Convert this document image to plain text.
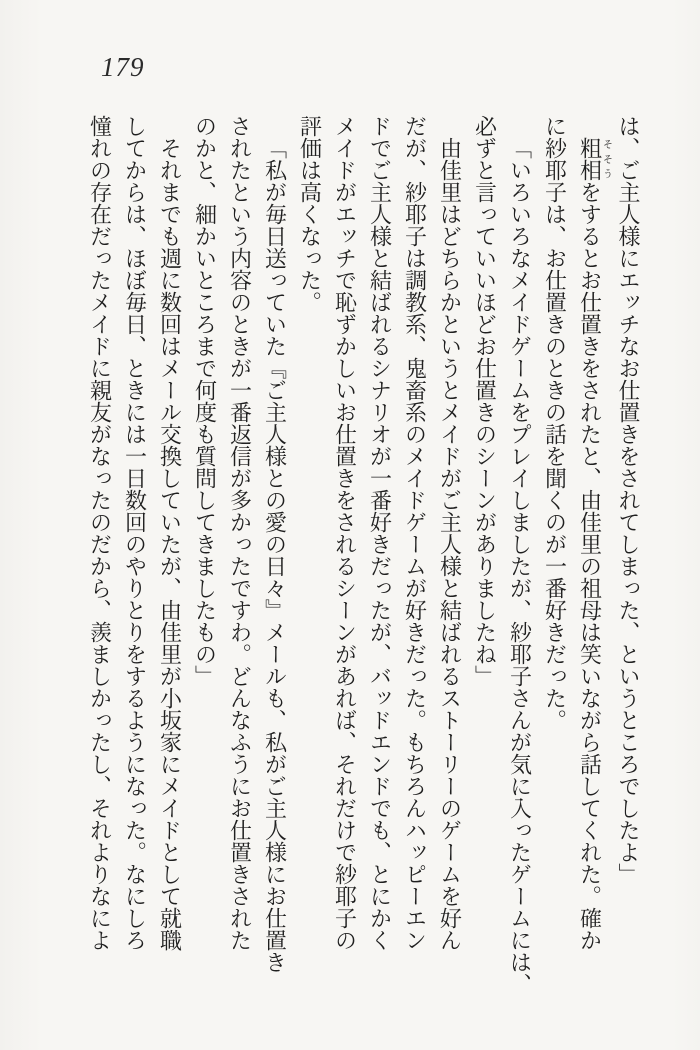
179
は、ご主人様にエッチなお仕置きをされてしまった、というところでしたよ」
粗相そそうをするとお仕置きをされたと、由佳里の祖母は笑いながら話してくれた。確か
に紗耶子は、お仕置きのときの話を聞くのが一番好きだった。
「いろいろなメイドゲームをプレイしましたが、紗耶子さんが気に入ったゲームには、
必ずと言っていいほどお仕置きのシーンがありましたね」
由佳里はどちらかというとメイドがご主人様と結ばれるストーリーのゲームを好ん
だが、紗耶子は調教系、鬼畜系のメイドゲームが好きだった。もちろんハッピーエン
ドでご主人様と結ばれるシナリオが一番好きだったが、バッドエンドでも、とにかく
メイドがエッチで恥ずかしいお仕置きをされるシーンがあれば、それだけで紗耶子の
評価は高くなった。
「私が毎日送っていた『ご主人様との愛の日々』メールも、私がご主人様にお仕置き
されたという内容のときが一番返信が多かったですわ。どんなふうにお仕置きされた
のかと、細かいところまで何度も質問してきましたもの」
それまでも週に数回はメール交換していたが、由佳里が小坂家にメイドとして就職
してからは、ほぼ毎日、ときには一日数回のやりとりをするようになった。なにしろ
憧れの存在だったメイドに親友がなったのだから、羨ましかったし、それよりなによ
